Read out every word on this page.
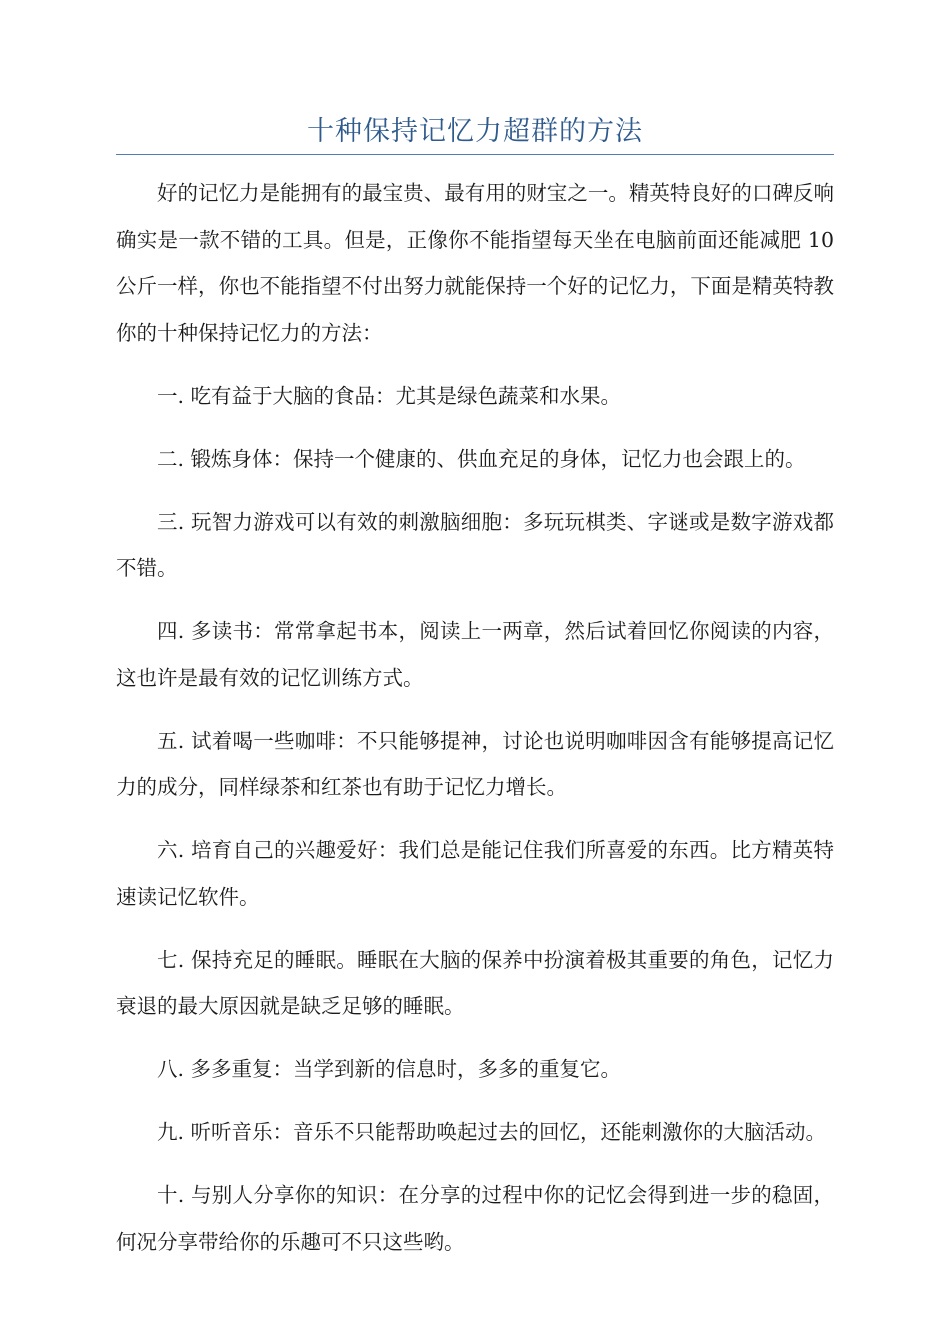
十种保持记忆力超群的方法

好的记忆力是能拥有的最宝贵、最有用的财宝之一。精英特良好的口碑反响确实是一款不错的工具。但是，正像你不能指望每天坐在电脑前面还能减肥 10 公斤一样，你也不能指望不付出努力就能保持一个好的记忆力，下面是精英特教你的十种保持记忆力的方法：

一. 吃有益于大脑的食品：尤其是绿色蔬菜和水果。

二. 锻炼身体：保持一个健康的、供血充足的身体，记忆力也会跟上的。

三. 玩智力游戏可以有效的刺激脑细胞：多玩玩棋类、字谜或是数字游戏都不错。

四. 多读书：常常拿起书本，阅读上一两章，然后试着回忆你阅读的内容，这也许是最有效的记忆训练方式。

五. 试着喝一些咖啡：不只能够提神，讨论也说明咖啡因含有能够提高记忆力的成分，同样绿茶和红茶也有助于记忆力增长。

六. 培育自己的兴趣爱好：我们总是能记住我们所喜爱的东西。比方精英特速读记忆软件。

七. 保持充足的睡眠。睡眠在大脑的保养中扮演着极其重要的角色，记忆力衰退的最大原因就是缺乏足够的睡眠。

八. 多多重复：当学到新的信息时，多多的重复它。

九. 听听音乐：音乐不只能帮助唤起过去的回忆，还能刺激你的大脑活动。

十. 与别人分享你的知识：在分享的过程中你的记忆会得到进一步的稳固，何况分享带给你的乐趣可不只这些哟。
